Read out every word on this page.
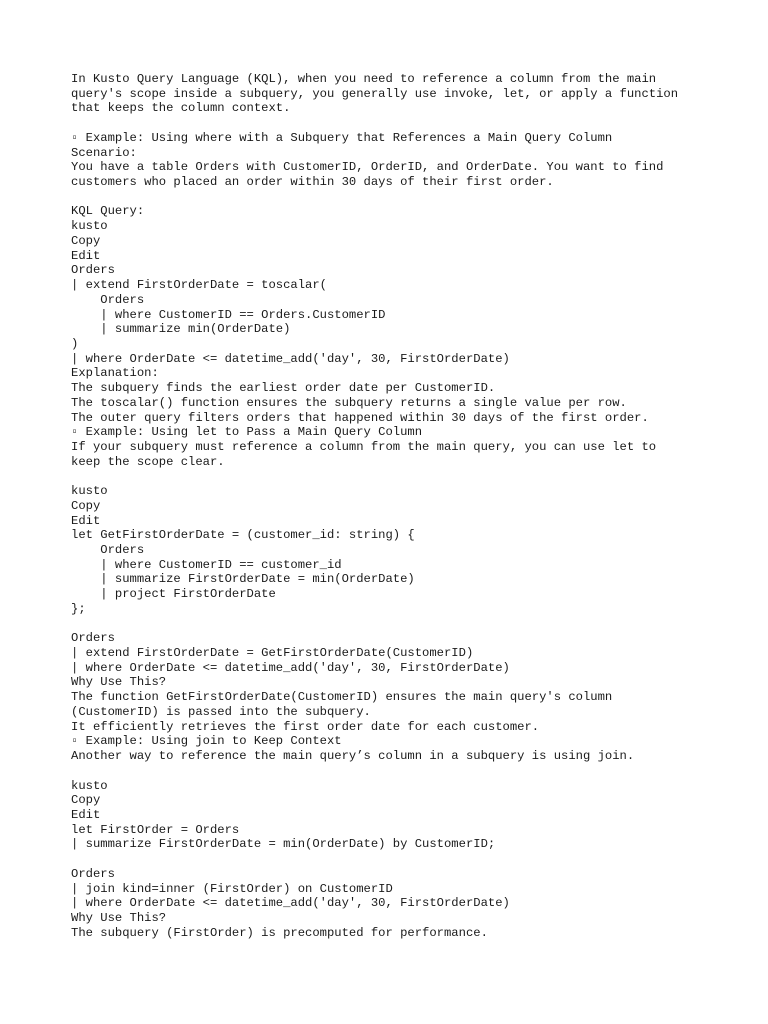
In Kusto Query Language (KQL), when you need to reference a column from the main
query's scope inside a subquery, you generally use invoke, let, or apply a function
that keeps the column context.
▫ Example: Using where with a Subquery that References a Main Query Column
Scenario:
You have a table Orders with CustomerID, OrderID, and OrderDate. You want to find
customers who placed an order within 30 days of their first order.
KQL Query:
kusto
Copy
Edit
Orders
| extend FirstOrderDate = toscalar(
Orders
| where CustomerID == Orders.CustomerID
| summarize min(OrderDate)
)
| where OrderDate <= datetime_add('day', 30, FirstOrderDate)
Explanation:
The subquery finds the earliest order date per CustomerID.
The toscalar() function ensures the subquery returns a single value per row.
The outer query filters orders that happened within 30 days of the first order.
▫ Example: Using let to Pass a Main Query Column
If your subquery must reference a column from the main query, you can use let to
keep the scope clear.
kusto
Copy
Edit
let GetFirstOrderDate = (customer_id: string) {
Orders
| where CustomerID == customer_id
| summarize FirstOrderDate = min(OrderDate)
| project FirstOrderDate
};
Orders
| extend FirstOrderDate = GetFirstOrderDate(CustomerID)
| where OrderDate <= datetime_add('day', 30, FirstOrderDate)
Why Use This?
The function GetFirstOrderDate(CustomerID) ensures the main query's column
(CustomerID) is passed into the subquery.
It efficiently retrieves the first order date for each customer.
▫ Example: Using join to Keep Context
Another way to reference the main query’s column in a subquery is using join.
kusto
Copy
Edit
let FirstOrder = Orders
| summarize FirstOrderDate = min(OrderDate) by CustomerID;
Orders
| join kind=inner (FirstOrder) on CustomerID
| where OrderDate <= datetime_add('day', 30, FirstOrderDate)
Why Use This?
The subquery (FirstOrder) is precomputed for performance.
